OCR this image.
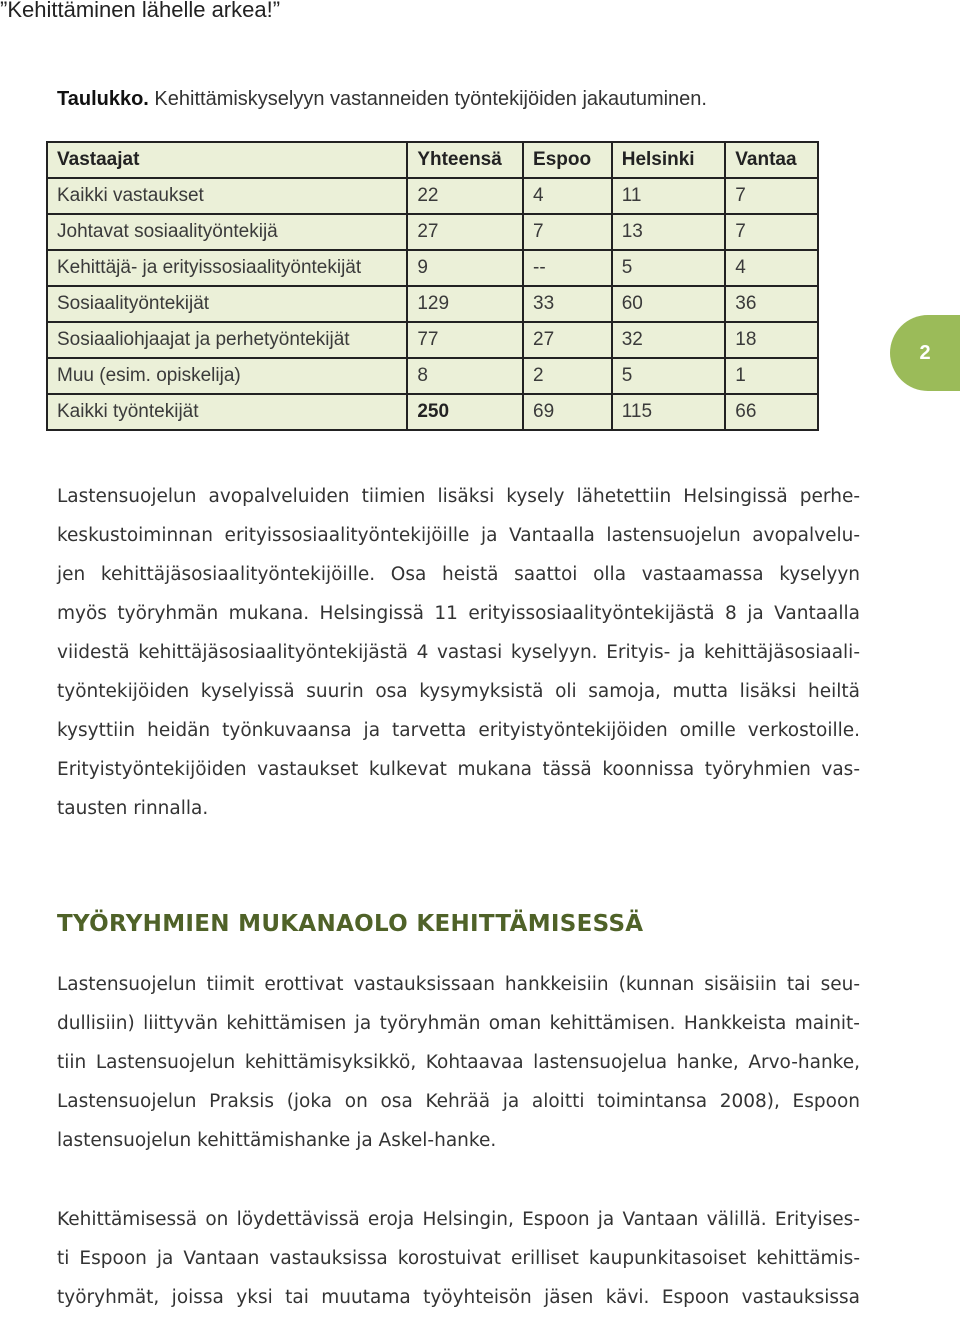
”Kehittäminen lähelle arkea!”
Taulukko. Kehittämiskyselyyn vastanneiden työntekijöiden jakautuminen.
Vastaajat	Yhteensä	Espoo	Helsinki	Vantaa
Kaikki vastaukset	22	4	11	7
Johtavat sosiaalityöntekijä	27	7	13	7
Kehittäjä- ja erityissosiaalityöntekijät	9	--	5	4
Sosiaalityöntekijät	129	33	60	36
Sosiaaliohjaajat ja perhetyöntekijät	77	27	32	18
Muu (esim. opiskelija)	8	2	5	1
Kaikki työntekijät	250	69	115	66
2
Lastensuojelun avopalveluiden tiimien lisäksi kysely lähetettiin Helsingissä perhe-
keskustoiminnan erityissosiaalityöntekijöille ja Vantaalla lastensuojelun avopalvelu-
jen kehittäjäsosiaalityöntekijöille. Osa heistä saattoi olla vastaamassa kyselyyn
myös työryhmän mukana. Helsingissä 11 erityissosiaalityöntekijästä 8 ja Vantaalla
viidestä kehittäjäsosiaalityöntekijästä 4 vastasi kyselyyn. Erityis- ja kehittäjäsosiaali-
työntekijöiden kyselyissä suurin osa kysymyksistä oli samoja, mutta lisäksi heiltä
kysyttiin heidän työnkuvaansa ja tarvetta erityistyöntekijöiden omille verkostoille.
Erityistyöntekijöiden vastaukset kulkevat mukana tässä koonnissa työryhmien vas-
tausten rinnalla.
TYÖRYHMIEN MUKANAOLO KEHITTÄMISESSÄ
Lastensuojelun tiimit erottivat vastauksissaan hankkeisiin (kunnan sisäisiin tai seu-
dullisiin) liittyvän kehittämisen ja työryhmän oman kehittämisen. Hankkeista mainit-
tiin Lastensuojelun kehittämisyksikkö, Kohtaavaa lastensuojelua hanke, Arvo-hanke,
Lastensuojelun Praksis (joka on osa Kehrää ja aloitti toimintansa 2008), Espoon
lastensuojelun kehittämishanke ja Askel-hanke.
Kehittämisessä on löydettävissä eroja Helsingin, Espoon ja Vantaan välillä. Erityises-
ti Espoon ja Vantaan vastauksissa korostuivat erilliset kaupunkitasoiset kehittämis-
työryhmät, joissa yksi tai muutama työyhteisön jäsen kävi. Espoon vastauksissa
